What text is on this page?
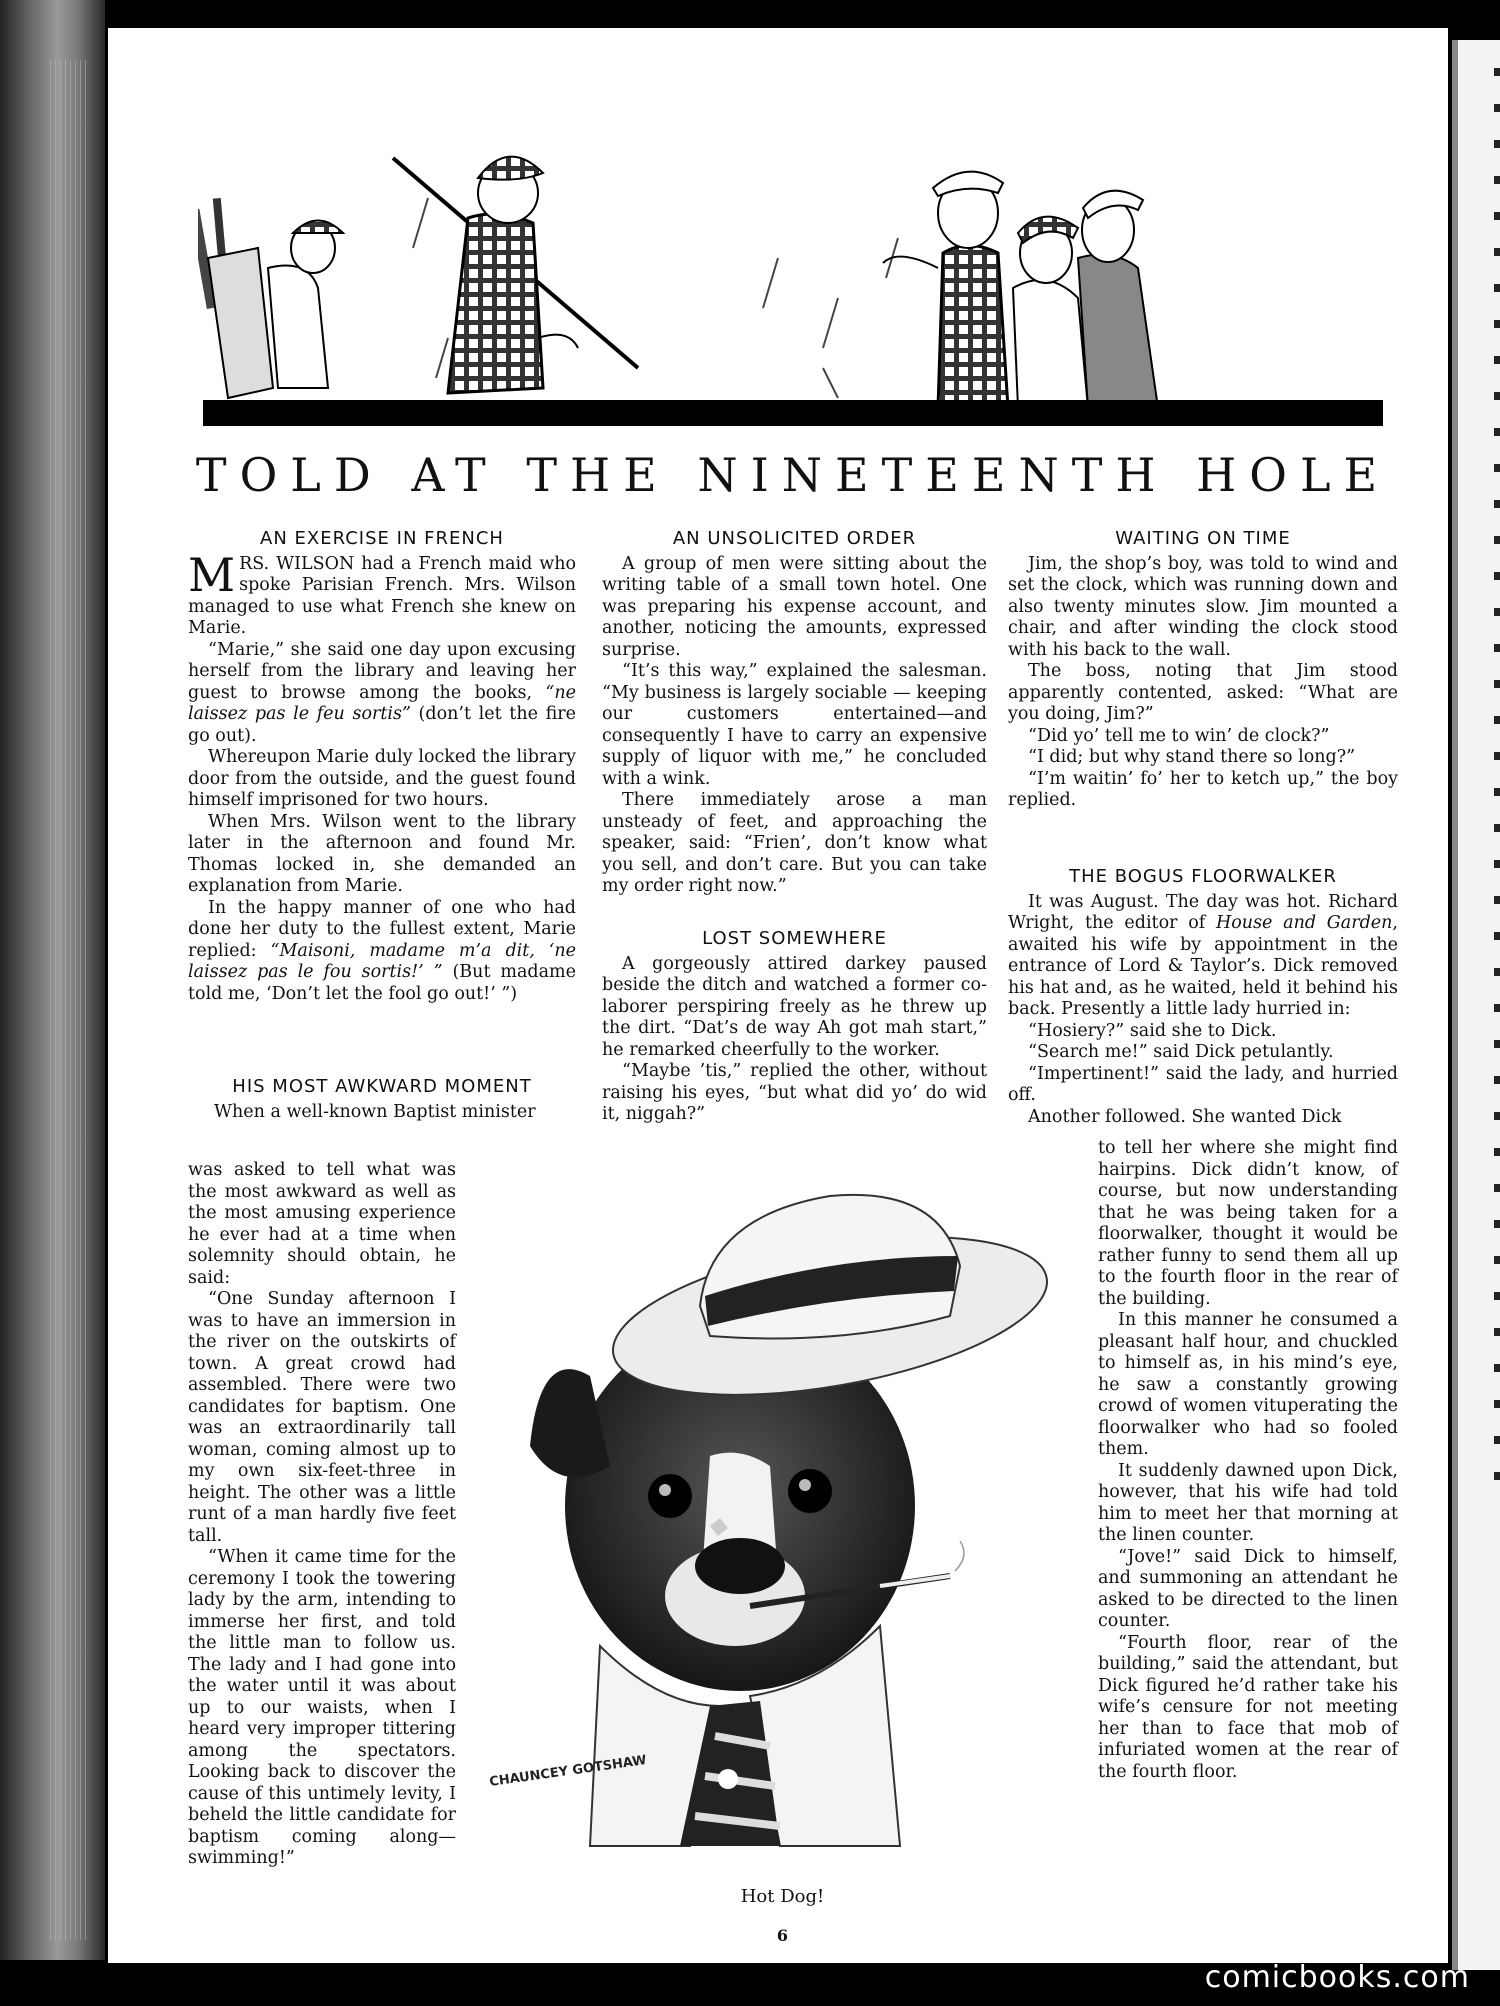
TOLD AT THE NINETEENTH HOLE
AN EXERCISE IN FRENCH

MRS. WILSON had a French maid who spoke Parisian French. Mrs. Wilson managed to use what French she knew on Marie.

“Marie,” she said one day upon excusing herself from the library and leaving her guest to browse among the books, “ne laissez pas le feu sortis” (don’t let the fire go out).

Whereupon Marie duly locked the library door from the outside, and the guest found himself imprisoned for two hours.

When Mrs. Wilson went to the library later in the afternoon and found Mr. Thomas locked in, she demanded an explanation from Marie.

In the happy manner of one who had done her duty to the fullest extent, Marie replied: “Maisoni, madame m’a dit, ‘ne laissez pas le fou sortis!’ ” (But madame told me, ‘Don’t let the fool go out!’ ”)

HIS MOST AWKWARD MOMENT

When a well-known Baptist minister

was asked to tell what was the most awkward as well as the most amusing experience he ever had at a time when solemnity should obtain, he said:

“One Sunday afternoon I was to have an immersion in the river on the outskirts of town. A great crowd had assembled. There were two candidates for baptism. One was an extraordinarily tall woman, coming almost up to my own six-feet-three in height. The other was a little runt of a man hardly five feet tall.

“When it came time for the ceremony I took the towering lady by the arm, intending to immerse her first, and told the little man to follow us. The lady and I had gone into the water until it was about up to our waists, when I heard very improper tittering among the spectators. Looking back to discover the cause of this untimely levity, I beheld the little candidate for baptism coming along—swimming!”

AN UNSOLICITED ORDER

A group of men were sitting about the writing table of a small town hotel. One was preparing his expense account, and another, noticing the amounts, expressed surprise.

“It’s this way,” explained the salesman. “My business is largely sociable — keeping our customers entertained—and consequently I have to carry an expensive supply of liquor with me,” he concluded with a wink.

There immediately arose a man unsteady of feet, and approaching the speaker, said: “Frien’, don’t know what you sell, and don’t care. But you can take my order right now.”

LOST SOMEWHERE

A gorgeously attired darkey paused beside the ditch and watched a former co-laborer perspiring freely as he threw up the dirt. “Dat’s de way Ah got mah start,” he remarked cheerfully to the worker.

“Maybe ’tis,” replied the other, without raising his eyes, “but what did yo’ do wid it, niggah?”

WAITING ON TIME

Jim, the shop’s boy, was told to wind and set the clock, which was running down and also twenty minutes slow. Jim mounted a chair, and after winding the clock stood with his back to the wall.

The boss, noting that Jim stood apparently contented, asked: “What are you doing, Jim?”

“Did yo’ tell me to win’ de clock?”

“I did; but why stand there so long?”

“I’m waitin’ fo’ her to ketch up,” the boy replied.

THE BOGUS FLOORWALKER

It was August. The day was hot. Richard Wright, the editor of House and Garden, awaited his wife by appointment in the entrance of Lord & Taylor’s. Dick removed his hat and, as he waited, held it behind his back. Presently a little lady hurried in:

“Hosiery?” said she to Dick.

“Search me!” said Dick petulantly.

“Impertinent!” said the lady, and hurried off.

Another followed. She wanted Dick

to tell her where she might find hairpins. Dick didn’t know, of course, but now understanding that he was being taken for a floorwalker, thought it would be rather funny to send them all up to the fourth floor in the rear of the building.

In this manner he consumed a pleasant half hour, and chuckled to himself as, in his mind’s eye, he saw a constantly growing crowd of women vituperating the floorwalker who had so fooled them.

It suddenly dawned upon Dick, however, that his wife had told him to meet her that morning at the linen counter.

“Jove!” said Dick to himself, and summoning an attendant he asked to be directed to the linen counter.

“Fourth floor, rear of the building,” said the attendant, but Dick figured he’d rather take his wife’s censure for not meeting her than to face that mob of infuriated women at the rear of the fourth floor.

CHAUNCEY GOTSHAW
Hot Dog!
6
comicbooks.com
